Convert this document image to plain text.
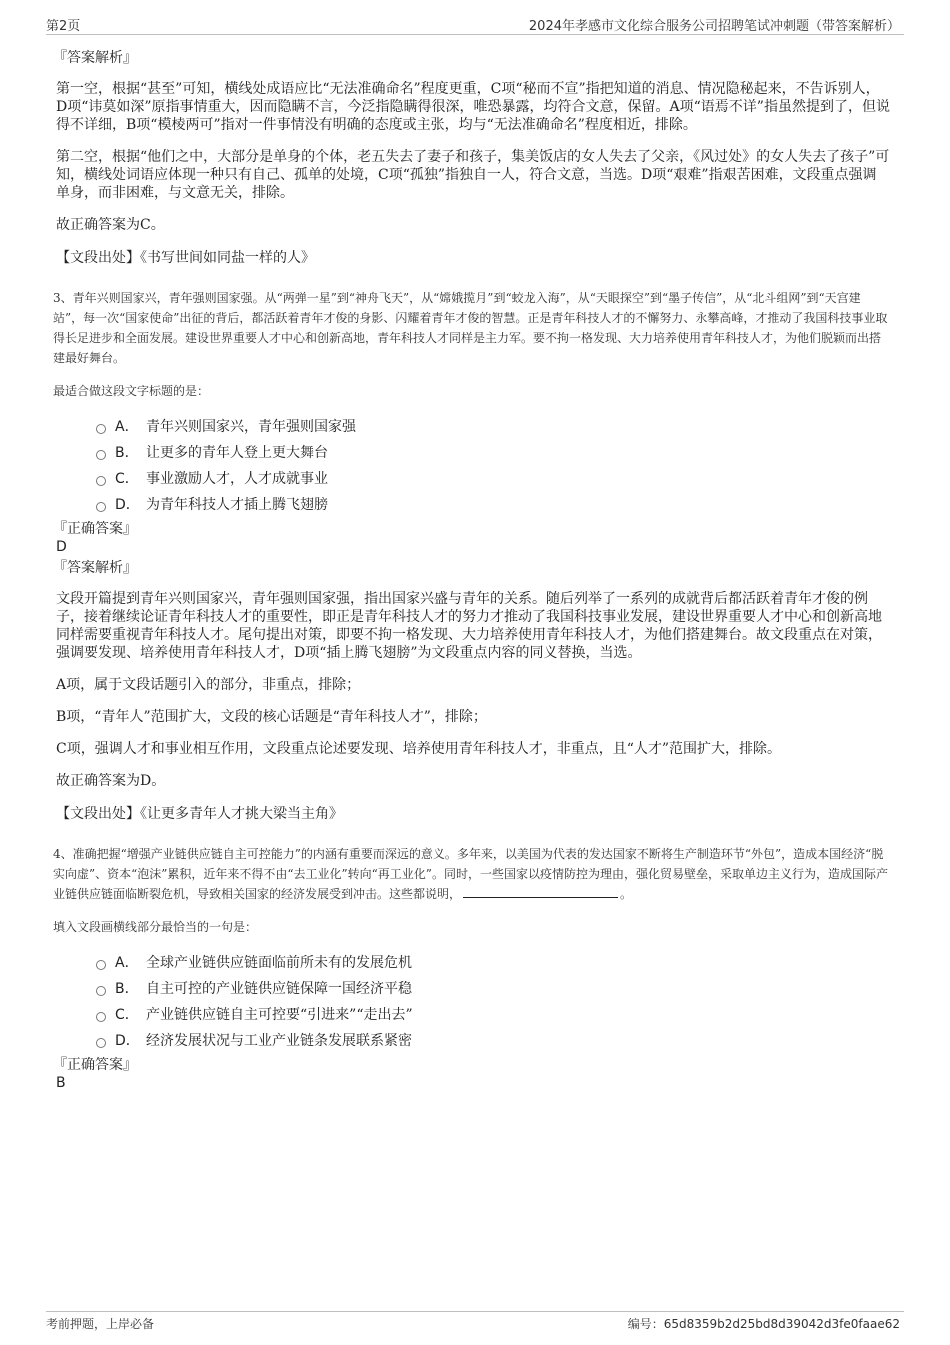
第2页	2024年孝感市文化综合服务公司招聘笔试冲刺题（带答案解析）
『答案解析』

第一空，根据“甚至”可知，横线处成语应比“无法准确命名”程度更重，C项“秘而不宣”指把知道的消息、情况隐秘起来，不告诉别人，D项“讳莫如深”原指事情重大，因而隐瞒不言，今泛指隐瞒得很深，唯恐暴露，均符合文意，保留。A项“语焉不详”指虽然提到了，但说得不详细，B项“模棱两可”指对一件事情没有明确的态度或主张，均与“无法准确命名”程度相近，排除。

第二空，根据“他们之中，大部分是单身的个体，老五失去了妻子和孩子，集美饭店的女人失去了父亲，《风过处》的女人失去了孩子”可知，横线处词语应体现一种只有自己、孤单的处境，C项“孤独”指独自一人，符合文意，当选。D项“艰难”指艰苦困难，文段重点强调单身，而非困难，与文意无关，排除。

故正确答案为C。

【文段出处】《书写世间如同盐一样的人》

3、青年兴则国家兴，青年强则国家强。从“两弹一星”到“神舟飞天”，从“嫦娥揽月”到“蛟龙入海”，从“天眼探空”到“墨子传信”，从“北斗组网”到“天宫建站”，每一次“国家使命”出征的背后，都活跃着青年才俊的身影、闪耀着青年才俊的智慧。正是青年科技人才的不懈努力、永攀高峰，才推动了我国科技事业取得长足进步和全面发展。建设世界重要人才中心和创新高地，青年科技人才同样是主力军。要不拘一格发现、大力培养使用青年科技人才，为他们脱颖而出搭建最好舞台。

最适合做这段文字标题的是：

A． 青年兴则国家兴，青年强则国家强
B． 让更多的青年人登上更大舞台
C． 事业激励人才，人才成就事业
D． 为青年科技人才插上腾飞翅膀
『正确答案』
D
『答案解析』

文段开篇提到青年兴则国家兴，青年强则国家强，指出国家兴盛与青年的关系。随后列举了一系列的成就背后都活跃着青年才俊的例子，接着继续论证青年科技人才的重要性，即正是青年科技人才的努力才推动了我国科技事业发展，建设世界重要人才中心和创新高地同样需要重视青年科技人才。尾句提出对策，即要不拘一格发现、大力培养使用青年科技人才，为他们搭建舞台。故文段重点在对策，强调要发现、培养使用青年科技人才，D项“插上腾飞翅膀”为文段重点内容的同义替换，当选。

A项，属于文段话题引入的部分，非重点，排除；

B项，“青年人”范围扩大，文段的核心话题是“青年科技人才”，排除；

C项，强调人才和事业相互作用，文段重点论述要发现、培养使用青年科技人才，非重点，且“人才”范围扩大，排除。

故正确答案为D。

【文段出处】《让更多青年人才挑大梁当主角》

4、准确把握“增强产业链供应链自主可控能力”的内涵有重要而深远的意义。多年来，以美国为代表的发达国家不断将生产制造环节“外包”，造成本国经济“脱实向虚”、资本“泡沫”累积，近年来不得不由“去工业化”转向“再工业化”。同时，一些国家以疫情防控为理由，强化贸易壁垒，采取单边主义行为，造成国际产业链供应链面临断裂危机，导致相关国家的经济发展受到冲击。这些都说明，	。

填入文段画横线部分最恰当的一句是：

A． 全球产业链供应链面临前所未有的发展危机
B． 自主可控的产业链供应链保障一国经济平稳
C． 产业链供应链自主可控要“引进来”“走出去”
D． 经济发展状况与工业产业链条发展联系紧密
『正确答案』
B
考前押题，上岸必备	编号：65d8359b2d25bd8d39042d3fe0faae62
